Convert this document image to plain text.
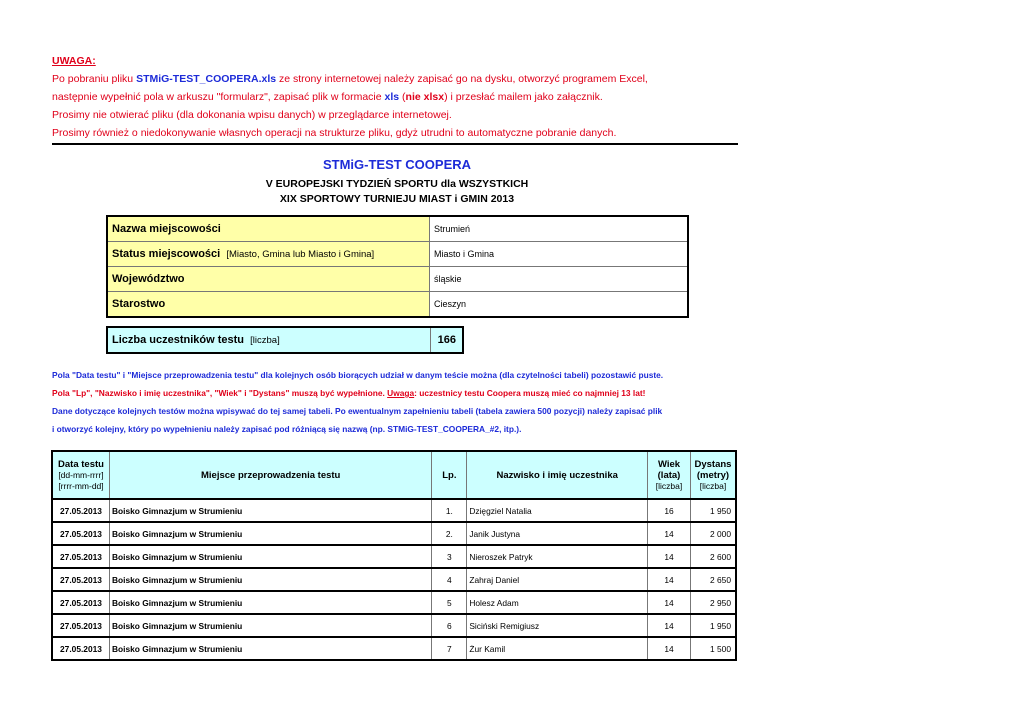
UWAGA:
Po pobraniu pliku STMiG-TEST_COOPERA.xls ze strony internetowej należy zapisać go na dysku, otworzyć programem Excel,
następnie wypełnić pola w arkuszu "formularz", zapisać plik w formacie xls (nie xlsx) i przesłać mailem jako załącznik.
Prosimy nie otwierać pliku (dla dokonania wpisu danych) w przeglądarce internetowej.
Prosimy również o niedokonywanie własnych operacji na strukturze pliku, gdyż utrudni to automatyczne pobranie danych.
STMiG-TEST COOPERA
V EUROPEJSKI TYDZIEŃ SPORTU dla WSZYSTKICH
XIX SPORTOWY TURNIEJU MIAST i GMIN 2013
Nazwa miejscowości	Strumień
Status miejscowości [Miasto, Gmina lub Miasto i Gmina]	Miasto i Gmina
Województwo	śląskie
Starostwo	Cieszyn
Liczba uczestników testu [liczba]	166
Pola "Data testu" i "Miejsce przeprowadzenia testu" dla kolejnych osób biorących udział w danym teście można (dla czytelności tabeli) pozostawić puste.
Pola "Lp", "Nazwisko i imię uczestnika", "Wiek" i "Dystans" muszą być wypełnione. Uwaga: uczestnicy testu Coopera muszą mieć co najmniej 13 lat!
Dane dotyczące kolejnych testów można wpisywać do tej samej tabeli. Po ewentualnym zapełnieniu tabeli (tabela zawiera 500 pozycji) należy zapisać plik
i otworzyć kolejny, który po wypełnieniu należy zapisać pod różniącą się nazwą (np. STMiG-TEST_COOPERA_#2, itp.).
Data testu
[dd-mm-rrrr]
[rrrr-mm-dd]	Miejsce przeprowadzenia testu	Lp.	Nazwisko i imię uczestnika	Wiek (lata)
[liczba]	Dystans (metry)
[liczba]
27.05.2013	Boisko Gimnazjum w Strumieniu	1.	Dzięgziel Natalia	16	1 950
27.05.2013	Boisko Gimnazjum w Strumieniu	2.	Janik Justyna	14	2 000
27.05.2013	Boisko Gimnazjum w Strumieniu	3	Nieroszek Patryk	14	2 600
27.05.2013	Boisko Gimnazjum w Strumieniu	4	Zahraj Daniel	14	2 650
27.05.2013	Boisko Gimnazjum w Strumieniu	5	Holesz Adam	14	2 950
27.05.2013	Boisko Gimnazjum w Strumieniu	6	Siciński Remigiusz	14	1 950
27.05.2013	Boisko Gimnazjum w Strumieniu	7	Żur Kamil	14	1 500
